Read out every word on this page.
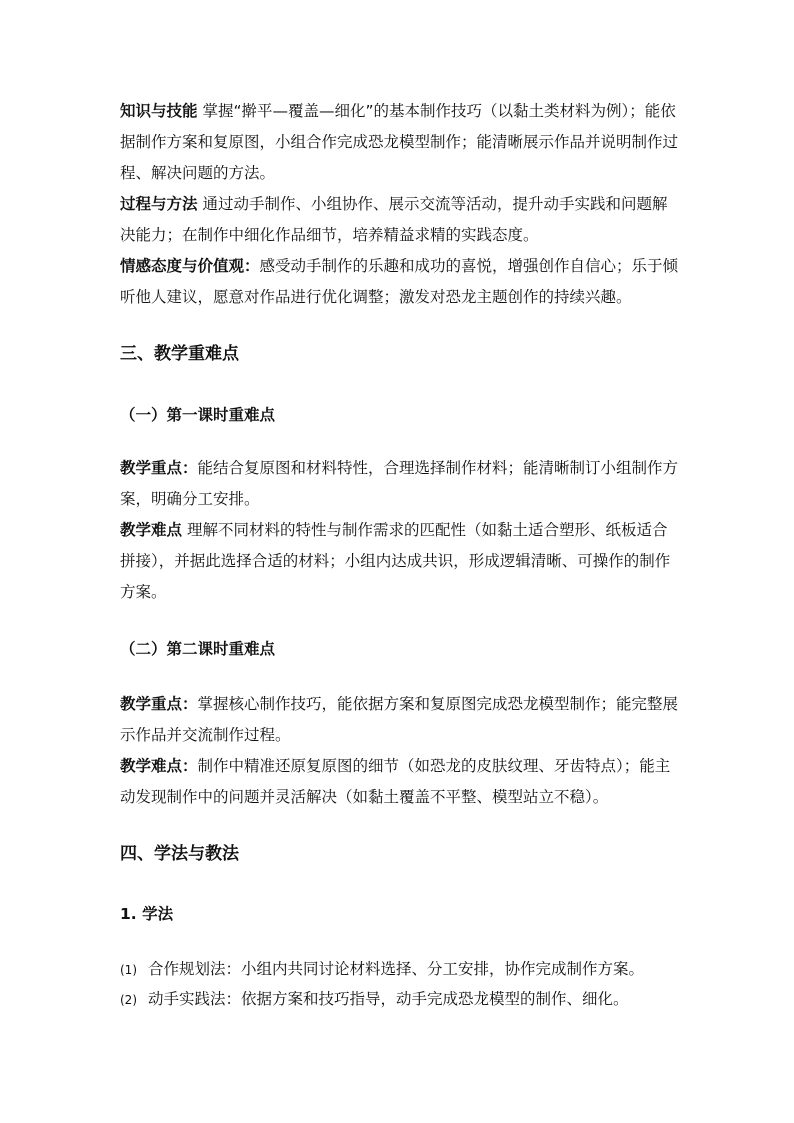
知识与技能 掌握“擀平—覆盖—细化”的基本制作技巧（以黏土类材料为例）；能依据制作方案和复原图，小组合作完成恐龙模型制作；能清晰展示作品并说明制作过程、解决问题的方法。

过程与方法 通过动手制作、小组协作、展示交流等活动，提升动手实践和问题解决能力；在制作中细化作品细节，培养精益求精的实践态度。

情感态度与价值观：感受动手制作的乐趣和成功的喜悦，增强创作自信心；乐于倾听他人建议，愿意对作品进行优化调整；激发对恐龙主题创作的持续兴趣。

三、教学重难点
（一）第一课时重难点

教学重点：能结合复原图和材料特性，合理选择制作材料；能清晰制订小组制作方案，明确分工安排。

教学难点 理解不同材料的特性与制作需求的匹配性（如黏土适合塑形、纸板适合拼接），并据此选择合适的材料；小组内达成共识，形成逻辑清晰、可操作的制作方案。

（二）第二课时重难点

教学重点：掌握核心制作技巧，能依据方案和复原图完成恐龙模型制作；能完整展示作品并交流制作过程。

教学难点：制作中精准还原复原图的细节（如恐龙的皮肤纹理、牙齿特点）；能主动发现制作中的问题并灵活解决（如黏土覆盖不平整、模型站立不稳）。

四、学法与教法
1. 学法
(1) 合作规划法：小组内共同讨论材料选择、分工安排，协作完成制作方案。
(2) 动手实践法：依据方案和技巧指导，动手完成恐龙模型的制作、细化。
